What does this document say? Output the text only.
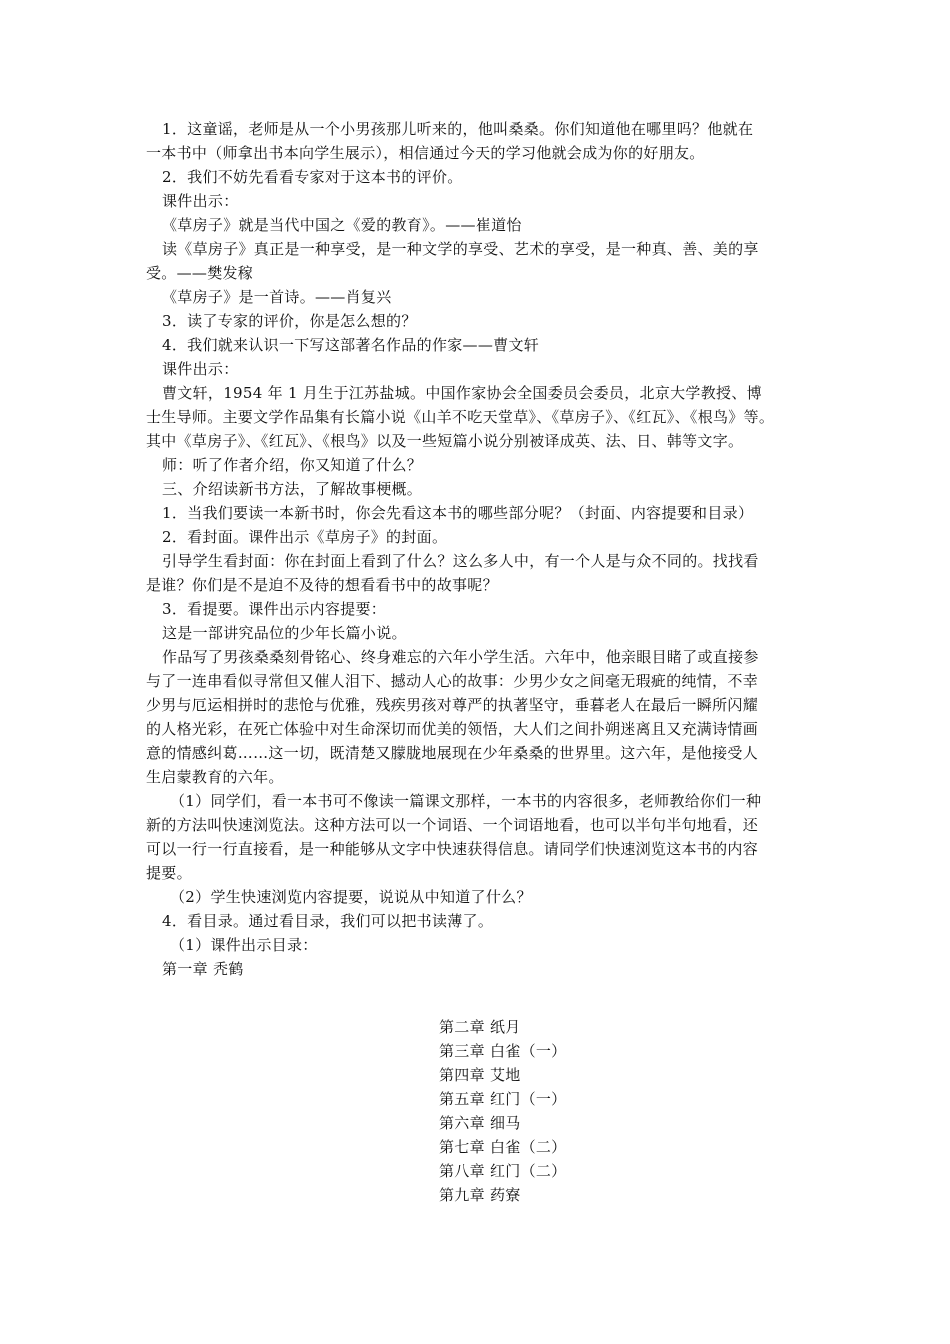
1．这童谣，老师是从一个小男孩那儿听来的，他叫桑桑。你们知道他在哪里吗？他就在
一本书中（师拿出书本向学生展示），相信通过今天的学习他就会成为你的好朋友。
2．我们不妨先看看专家对于这本书的评价。
课件出示：
《草房子》就是当代中国之《爱的教育》。——崔道怡
读《草房子》真正是一种享受，是一种文学的享受、艺术的享受，是一种真、善、美的享
受。——樊发稼
《草房子》是一首诗。——肖复兴
3．读了专家的评价，你是怎么想的？
4．我们就来认识一下写这部著名作品的作家——曹文轩
课件出示：
曹文轩，1954 年 1 月生于江苏盐城。中国作家协会全国委员会委员，北京大学教授、博
士生导师。主要文学作品集有长篇小说《山羊不吃天堂草》、《草房子》、《红瓦》、《根鸟》等。
其中《草房子》、《红瓦》、《根鸟》以及一些短篇小说分别被译成英、法、日、韩等文字。
师：听了作者介绍，你又知道了什么？
三、介绍读新书方法，了解故事梗概。
1．当我们要读一本新书时，你会先看这本书的哪些部分呢？（封面、内容提要和目录）
2．看封面。课件出示《草房子》的封面。
引导学生看封面：你在封面上看到了什么？这么多人中，有一个人是与众不同的。找找看
是谁？你们是不是迫不及待的想看看书中的故事呢？
3．看提要。课件出示内容提要：
这是一部讲究品位的少年长篇小说。
作品写了男孩桑桑刻骨铭心、终身难忘的六年小学生活。六年中，他亲眼目睹了或直接参
与了一连串看似寻常但又催人泪下、撼动人心的故事：少男少女之间毫无瑕疵的纯情，不幸
少男与厄运相拼时的悲怆与优雅，残疾男孩对尊严的执著坚守，垂暮老人在最后一瞬所闪耀
的人格光彩，在死亡体验中对生命深切而优美的领悟，大人们之间扑朔迷离且又充满诗情画
意的情感纠葛……这一切，既清楚又朦胧地展现在少年桑桑的世界里。这六年，是他接受人
生启蒙教育的六年。
（1）同学们，看一本书可不像读一篇课文那样，一本书的内容很多，老师教给你们一种
新的方法叫快速浏览法。这种方法可以一个词语、一个词语地看，也可以半句半句地看，还
可以一行一行直接看，是一种能够从文字中快速获得信息。请同学们快速浏览这本书的内容
提要。
（2）学生快速浏览内容提要，说说从中知道了什么？
4．看目录。通过看目录，我们可以把书读薄了。
（1）课件出示目录：
第一章 秃鹤
第二章 纸月
第三章 白雀（一）
第四章 艾地
第五章 红门（一）
第六章 细马
第七章 白雀（二）
第八章 红门（二）
第九章 药寮
